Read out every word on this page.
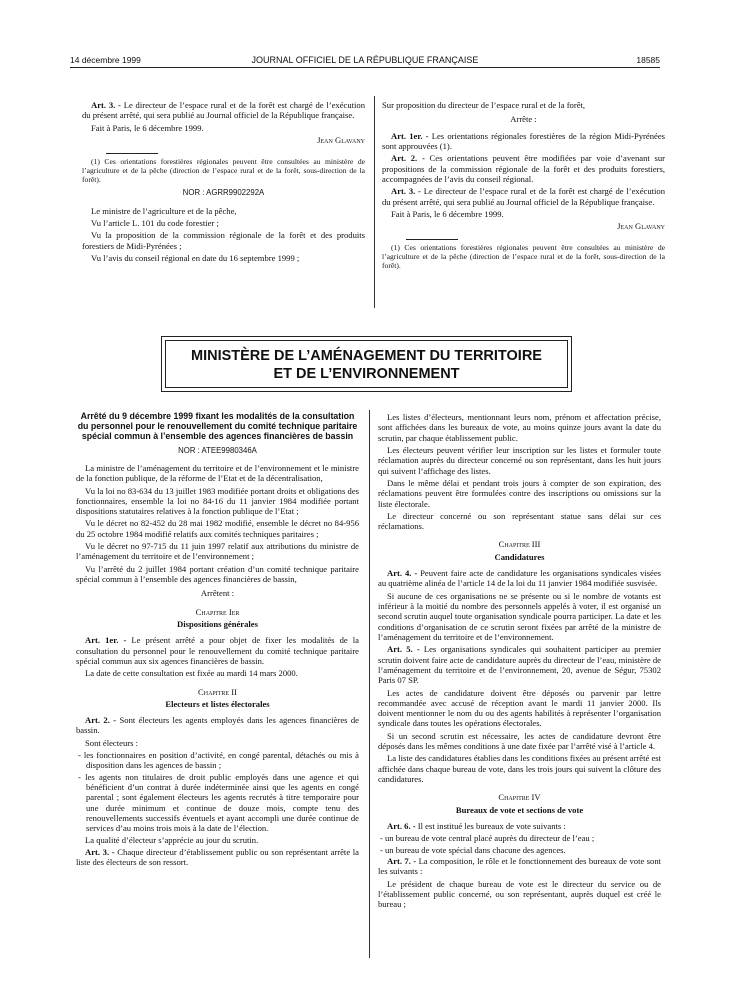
14 décembre 1999	JOURNAL OFFICIEL DE LA RÉPUBLIQUE FRANÇAISE	18585

Art. 3. - Le directeur de l’espace rural et de la forêt est chargé de l’exécution du présent arrêté, qui sera publié au Journal officiel de la République française.

Fait à Paris, le 6 décembre 1999.

Jean Glavany

(1) Ces orientations forestières régionales peuvent être consultées au ministère de l’agriculture et de la pêche (direction de l’espace rural et de la forêt, sous-direction de la forêt).

NOR : AGRR9902292A

Le ministre de l’agriculture et de la pêche,

Vu l’article L. 101 du code forestier ;

Vu la proposition de la commission régionale de la forêt et des produits forestiers de Midi-Pyrénées ;

Vu l’avis du conseil régional en date du 16 septembre 1999 ;

Sur proposition du directeur de l’espace rural et de la forêt,

Arrête :

Art. 1er. - Les orientations régionales forestières de la région Midi-Pyrénées sont approuvées (1).

Art. 2. - Ces orientations peuvent être modifiées par voie d’avenant sur propositions de la commission régionale de la forêt et des produits forestiers, accompagnées de l’avis du conseil régional.

Art. 3. - Le directeur de l’espace rural et de la forêt est chargé de l’exécution du présent arrêté, qui sera publié au Journal officiel de la République française.

Fait à Paris, le 6 décembre 1999.

Jean Glavany

(1) Ces orientations forestières régionales peuvent être consultées au ministère de l’agriculture et de la pêche (direction de l’espace rural et de la forêt, sous-direction de la forêt).

MINISTÈRE DE L’AMÉNAGEMENT DU TERRITOIRE
ET DE L’ENVIRONNEMENT
Arrêté du 9 décembre 1999 fixant les modalités de la consultation du personnel pour le renouvellement du comité technique paritaire spécial commun à l’ensemble des agences financières de bassin
NOR : ATEE9980346A

La ministre de l’aménagement du territoire et de l’environnement et le ministre de la fonction publique, de la réforme de l’Etat et de la décentralisation,

Vu la loi no 83-634 du 13 juillet 1983 modifiée portant droits et obligations des fonctionnaires, ensemble la loi no 84-16 du 11 janvier 1984 modifiée portant dispositions statutaires relatives à la fonction publique de l’Etat ;

Vu le décret no 82-452 du 28 mai 1982 modifié, ensemble le décret no 84-956 du 25 octobre 1984 modifié relatifs aux comités techniques paritaires ;

Vu le décret no 97-715 du 11 juin 1997 relatif aux attributions du ministre de l’aménagement du territoire et de l’environnement ;

Vu l’arrêté du 2 juillet 1984 portant création d’un comité technique paritaire spécial commun à l’ensemble des agences financières de bassin,

Arrêtent :

Chapitre Ier
Dispositions générales

Art. 1er. - Le présent arrêté a pour objet de fixer les modalités de la consultation du personnel pour le renouvellement du comité technique paritaire spécial commun aux six agences financières de bassin.

La date de cette consultation est fixée au mardi 14 mars 2000.

Chapitre II
Electeurs et listes électorales

Art. 2. - Sont électeurs les agents employés dans les agences financières de bassin.

Sont électeurs :

- les fonctionnaires en position d’activité, en congé parental, détachés ou mis à disposition dans les agences de bassin ;
- les agents non titulaires de droit public employés dans une agence et qui bénéficient d’un contrat à durée indéterminée ainsi que les agents en congé parental ; sont également électeurs les agents recrutés à titre temporaire pour une durée minimum et continue de douze mois, compte tenu des renouvellements successifs éventuels et ayant accompli une durée continue de services d’au moins trois mois à la date de l’élection.

La qualité d’électeur s’apprécie au jour du scrutin.

Art. 3. - Chaque directeur d’établissement public ou son représentant arrête la liste des électeurs de son ressort.

Les listes d’électeurs, mentionnant leurs nom, prénom et affectation précise, sont affichées dans les bureaux de vote, au moins quinze jours avant la date du scrutin, par chaque établissement public.

Les électeurs peuvent vérifier leur inscription sur les listes et formuler toute réclamation auprès du directeur concerné ou son représentant, dans les huit jours qui suivent l’affichage des listes.

Dans le même délai et pendant trois jours à compter de son expiration, des réclamations peuvent être formulées contre des inscriptions ou omissions sur la liste électorale.

Le directeur concerné ou son représentant statue sans délai sur ces réclamations.

Chapitre III
Candidatures

Art. 4. - Peuvent faire acte de candidature les organisations syndicales visées au quatrième alinéa de l’article 14 de la loi du 11 janvier 1984 modifiée susvisée.

Si aucune de ces organisations ne se présente ou si le nombre de votants est inférieur à la moitié du nombre des personnels appelés à voter, il est organisé un second scrutin auquel toute organisation syndicale pourra participer. La date et les conditions d’organisation de ce scrutin seront fixées par arrêté de la ministre de l’aménagement du territoire et de l’environnement.

Art. 5. - Les organisations syndicales qui souhaitent participer au premier scrutin doivent faire acte de candidature auprès du directeur de l’eau, ministère de l’aménagement du territoire et de l’environnement, 20, avenue de Ségur, 75302 Paris 07 SP.

Les actes de candidature doivent être déposés ou parvenir par lettre recommandée avec accusé de réception avant le mardi 11 janvier 2000. Ils doivent mentionner le nom du ou des agents habilités à représenter l’organisation syndicale dans toutes les opérations électorales.

Si un second scrutin est nécessaire, les actes de candidature devront être déposés dans les mêmes conditions à une date fixée par l’arrêté visé à l’article 4.

La liste des candidatures établies dans les conditions fixées au présent arrêté est affichée dans chaque bureau de vote, dans les trois jours qui suivent la clôture des candidatures.

Chapitre IV
Bureaux de vote et sections de vote

Art. 6. - Il est institué les bureaux de vote suivants :

- un bureau de vote central placé auprès du directeur de l’eau ;
- un bureau de vote spécial dans chacune des agences.

Art. 7. - La composition, le rôle et le fonctionnement des bureaux de vote sont les suivants :

Le président de chaque bureau de vote est le directeur du service ou de l’établissement public concerné, ou son représentant, auprès duquel est créé le bureau ;
